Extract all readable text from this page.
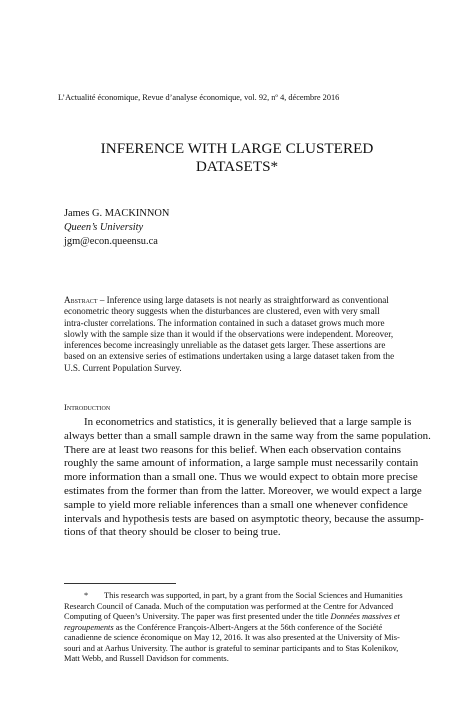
L’Actualité économique, Revue d’analyse économique, vol. 92, nº 4, décembre 2016
INFERENCE WITH LARGE CLUSTERED
DATASETS*
James G. MACKINNON
Queen’s University
jgm@econ.queensu.ca
Abstract – Inference using large datasets is not nearly as straightforward as conventional
econometric theory suggests when the disturbances are clustered, even with very small
intra-cluster correlations. The information contained in such a dataset grows much more
slowly with the sample size than it would if the observations were independent. Moreover,
inferences become increasingly unreliable as the dataset gets larger. These assertions are
based on an extensive series of estimations undertaken using a large dataset taken from the
U.S. Current Population Survey.
Introduction
In econometrics and statistics, it is generally believed that a large sample is
always better than a small sample drawn in the same way from the same population.
There are at least two reasons for this belief. When each observation contains
roughly the same amount of information, a large sample must necessarily contain
more information than a small one. Thus we would expect to obtain more precise
estimates from the former than from the latter. Moreover, we would expect a large
sample to yield more reliable inferences than a small one whenever confidence
intervals and hypothesis tests are based on asymptotic theory, because the assump-
tions of that theory should be closer to being true.
* This research was supported, in part, by a grant from the Social Sciences and Humanities
Research Council of Canada. Much of the computation was performed at the Centre for Advanced
Computing of Queen’s University. The paper was first presented under the title Données massives et
regroupements as the Conférence François-Albert-Angers at the 56th conference of the Société
canadienne de science économique on May 12, 2016. It was also presented at the University of Mis-
souri and at Aarhus University. The author is grateful to seminar participants and to Stas Kolenikov,
Matt Webb, and Russell Davidson for comments.
